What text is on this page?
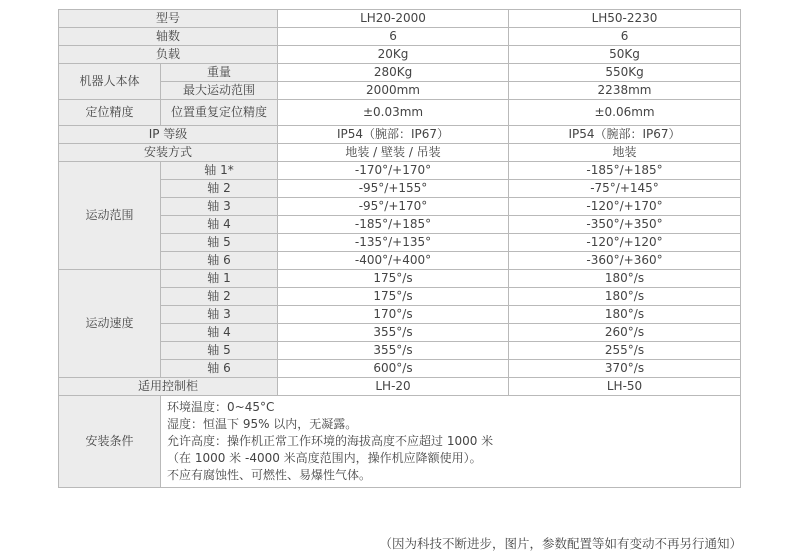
型号		LH20-2000	LH50-2230
轴数		6	6
负载		20Kg	50Kg
机器人本体	重量	280Kg	550Kg
	最大运动范围	2000mm	2238mm
定位精度	位置重复定位精度	±0.03mm	±0.06mm
IP 等级		IP54（腕部：IP67）	IP54（腕部：IP67）
安装方式		地装 / 壁装 / 吊装	地装
运动范围	轴 1*	-170°/+170°	-185°/+185°
	轴 2	-95°/+155°	-75°/+145°
	轴 3	-95°/+170°	-120°/+170°
	轴 4	-185°/+185°	-350°/+350°
	轴 5	-135°/+135°	-120°/+120°
	轴 6	-400°/+400°	-360°/+360°
运动速度	轴 1	175°/s	180°/s
	轴 2	175°/s	180°/s
	轴 3	170°/s	180°/s
	轴 4	355°/s	260°/s
	轴 5	355°/s	255°/s
	轴 6	600°/s	370°/s
适用控制柜		LH-20	LH-50
安装条件	环境温度：0~45°C
湿度：恒温下 95% 以内，无凝露。
允许高度：操作机正常工作环境的海拔高度不应超过 1000 米
（在 1000 米 -4000 米高度范围内，操作机应降额使用）。
不应有腐蚀性、可燃性、易爆性气体。		
（因为科技不断进步，图片，参数配置等如有变动不再另行通知）
